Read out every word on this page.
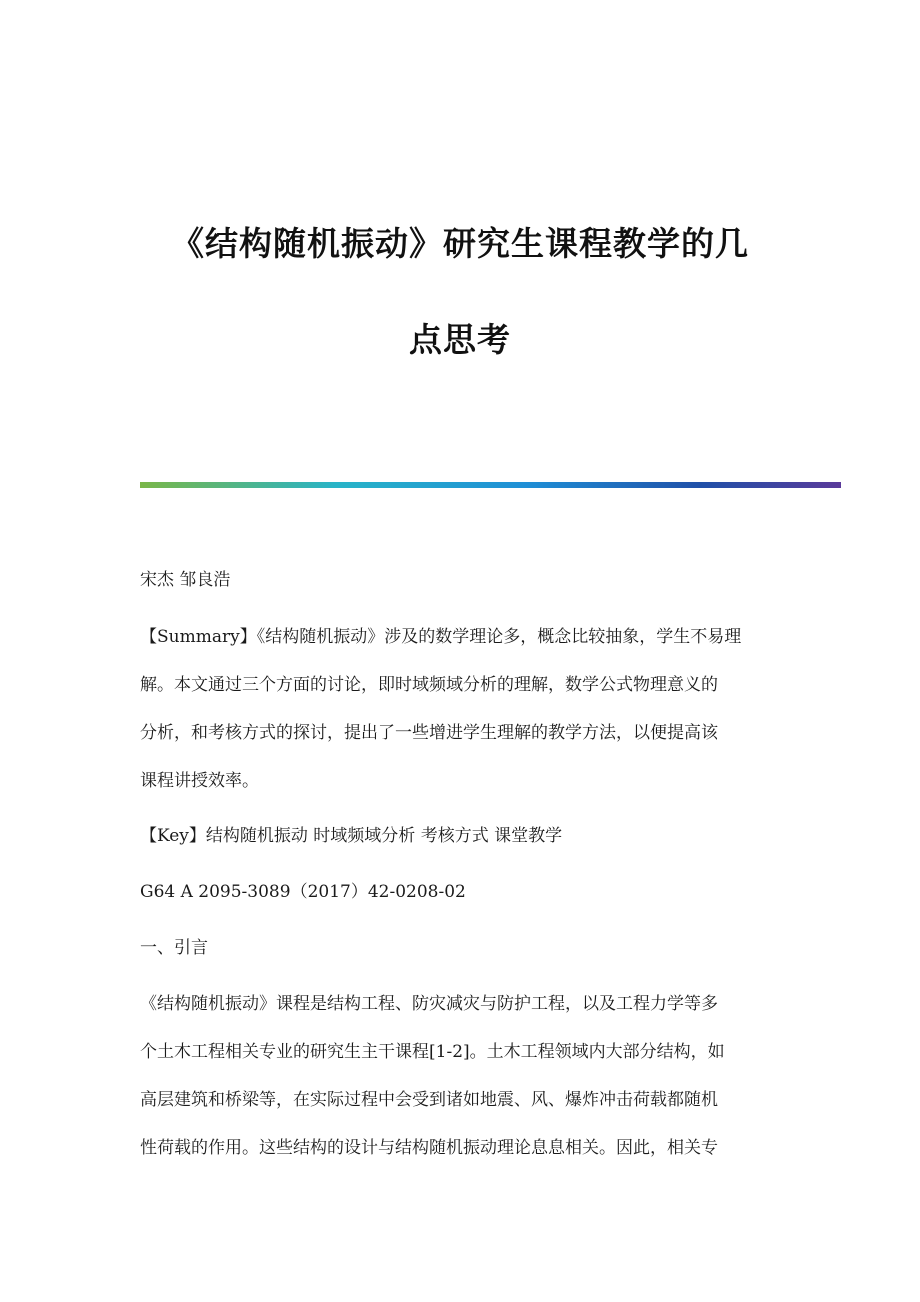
《结构随机振动》研究生课程教学的几
点思考
宋杰 邹良浩
【Summary】《结构随机振动》涉及的数学理论多，概念比较抽象，学生不易理
解。本文通过三个方面的讨论，即时域频域分析的理解，数学公式物理意义的
分析，和考核方式的探讨，提出了一些增进学生理解的教学方法，以便提高该
课程讲授效率。
【Key】结构随机振动 时域频域分析 考核方式 课堂教学
G64 A 2095-3089（2017）42-0208-02
一、引言
《结构随机振动》课程是结构工程、防灾减灾与防护工程，以及工程力学等多
个土木工程相关专业的研究生主干课程[1-2]。土木工程领域内大部分结构，如
高层建筑和桥梁等，在实际过程中会受到诸如地震、风、爆炸冲击荷载都随机
性荷载的作用。这些结构的设计与结构随机振动理论息息相关。因此，相关专
